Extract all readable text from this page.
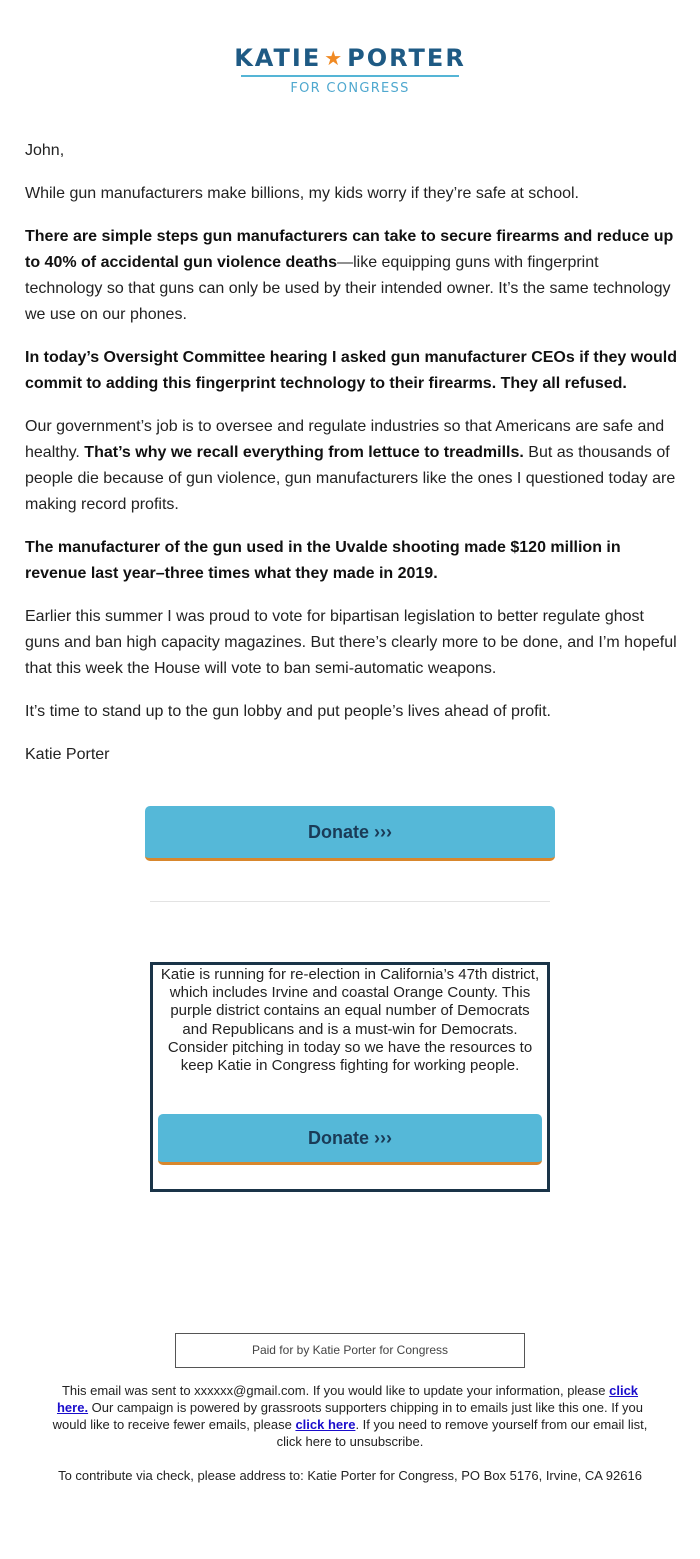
KATIE ★ PORTER
FOR CONGRESS

John,

While gun manufacturers make billions, my kids worry if they’re safe at school.

There are simple steps gun manufacturers can take to secure firearms and reduce up to 40% of accidental gun violence deaths—like equipping guns with fingerprint technology so that guns can only be used by their intended owner. It’s the same technology we use on our phones.

In today’s Oversight Committee hearing I asked gun manufacturer CEOs if they would commit to adding this fingerprint technology to their firearms. They all refused.

Our government’s job is to oversee and regulate industries so that Americans are safe and healthy. That’s why we recall everything from lettuce to treadmills. But as thousands of people die because of gun violence, gun manufacturers like the ones I questioned today are making record profits.

The manufacturer of the gun used in the Uvalde shooting made $120 million in revenue last year–three times what they made in 2019.

Earlier this summer I was proud to vote for bipartisan legislation to better regulate ghost guns and ban high capacity magazines. But there’s clearly more to be done, and I’m hopeful that this week the House will vote to ban semi-automatic weapons.

It’s time to stand up to the gun lobby and put people’s lives ahead of profit.

Katie Porter

Donate ›››
Katie is running for re-election in California’s 47th district, which includes Irvine and coastal Orange County. This purple district contains an equal number of Democrats and Republicans and is a must-win for Democrats. Consider pitching in today so we have the resources to keep Katie in Congress fighting for working people.
Donate ›››
Paid for by Katie Porter for Congress

This email was sent to xxxxxx@gmail.com. If you would like to update your information, please click here. Our campaign is powered by grassroots supporters chipping in to emails just like this one. If you would like to receive fewer emails, please click here. If you need to remove yourself from our email list, click here to unsubscribe.

To contribute via check, please address to: Katie Porter for Congress, PO Box 5176, Irvine, CA 92616
